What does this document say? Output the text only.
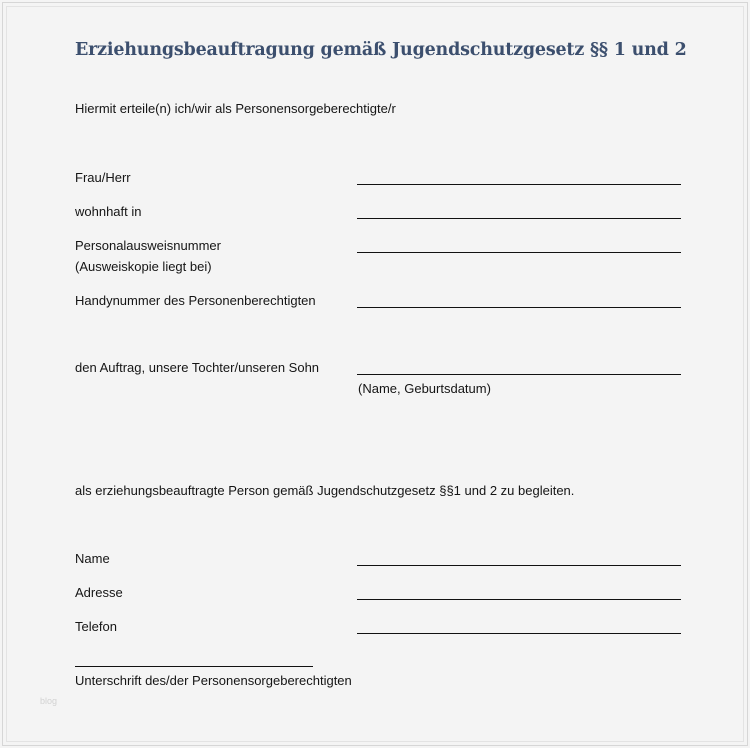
Erziehungsbeauftragung gemäß Jugendschutzgesetz §§ 1 und 2
Hiermit erteile(n) ich/wir als Personensorgeberechtigte/r
Frau/Herr
wohnhaft in
Personalausweisnummer
(Ausweiskopie liegt bei)
Handynummer des Personenberechtigten
den Auftrag, unsere Tochter/unseren Sohn
(Name, Geburtsdatum)
als erziehungsbeauftragte Person gemäß Jugendschutzgesetz §§1 und 2 zu begleiten.
Name
Adresse
Telefon
Unterschrift des/der Personensorgeberechtigten
blog
